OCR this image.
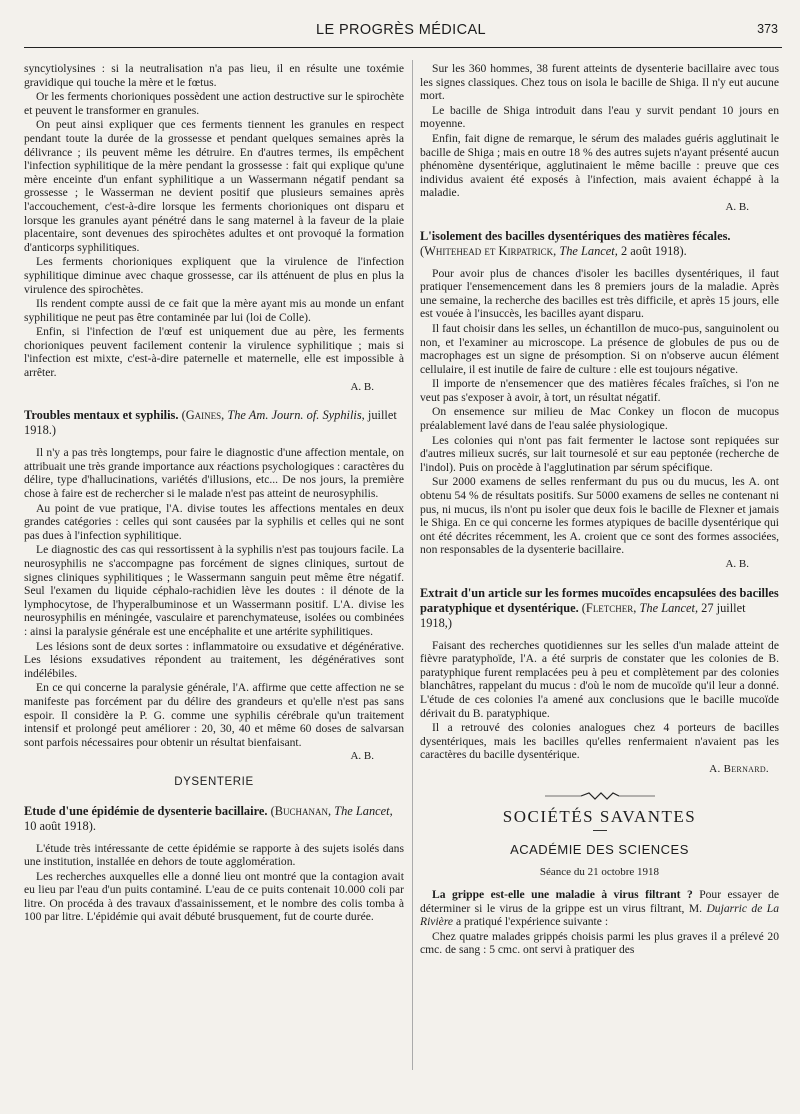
LE PROGRÈS MÉDICAL	373

syncytiolysines : si la neutralisation n'a pas lieu, il en résulte une toxémie gravidique qui touche la mère et le fœtus.

Or les ferments chorioniques possèdent une action destructive sur le spirochète et peuvent le transformer en granules.

On peut ainsi expliquer que ces ferments tiennent les granules en respect pendant toute la durée de la grossesse et pendant quelques semaines après la délivrance ; ils peuvent même les détruire. En d'autres termes, ils empêchent l'infection syphilitique de la mère pendant la grossesse : fait qui explique qu'une mère enceinte d'un enfant syphilitique a un Wassermann négatif pendant sa grossesse ; le Wasserman ne devient positif que plusieurs semaines après l'accouchement, c'est-à-dire lorsque les ferments chorioniques ont disparu et lorsque les granules ayant pénétré dans le sang maternel à la faveur de la plaie placentaire, sont devenues des spirochètes adultes et ont provoqué la formation d'anticorps syphilitiques.

Les ferments chorioniques expliquent que la virulence de l'infection syphilitique diminue avec chaque grossesse, car ils atténuent de plus en plus la virulence des spirochètes.

Ils rendent compte aussi de ce fait que la mère ayant mis au monde un enfant syphilitique ne peut pas être contaminée par lui (loi de Colle).

Enfin, si l'infection de l'œuf est uniquement due au père, les ferments chorioniques peuvent facilement contenir la virulence syphilitique ; mais si l'infection est mixte, c'est-à-dire paternelle et maternelle, elle est impossible à arrêter.

A. B.
Troubles mentaux et syphilis. (Gaines, The Am. Journ. of. Syphilis, juillet 1918.)

Il n'y a pas très longtemps, pour faire le diagnostic d'une affection mentale, on attribuait une très grande importance aux réactions psychologiques : caractères du délire, type d'hallucinations, variétés d'illusions, etc... De nos jours, la première chose à faire est de rechercher si le malade n'est pas atteint de neurosyphilis.

Au point de vue pratique, l'A. divise toutes les affections mentales en deux grandes catégories : celles qui sont causées par la syphilis et celles qui ne sont pas dues à l'infection syphilitique.

Le diagnostic des cas qui ressortissent à la syphilis n'est pas toujours facile. La neurosyphilis ne s'accompagne pas forcément de signes cliniques, surtout de signes cliniques syphilitiques ; le Wassermann sanguin peut même être négatif. Seul l'examen du liquide céphalo-rachidien lève les doutes : il dénote de la lymphocytose, de l'hyperalbuminose et un Wassermann positif. L'A. divise les neurosyphilis en méningée, vasculaire et parenchymateuse, isolées ou combinées : ainsi la paralysie générale est une encéphalite et une artérite syphilitiques.

Les lésions sont de deux sortes : inflammatoire ou exsudative et dégénérative. Les lésions exsudatives répondent au traitement, les dégénératives sont indélébiles.

En ce qui concerne la paralysie générale, l'A. affirme que cette affection ne se manifeste pas forcément par du délire des grandeurs et qu'elle n'est pas sans espoir. Il considère la P. G. comme une syphilis cérébrale qu'un traitement intensif et prolongé peut améliorer : 20, 30, 40 et même 60 doses de salvarsan sont parfois nécessaires pour obtenir un résultat bienfaisant.

A. B.
DYSENTERIE
Etude d'une épidémie de dysenterie bacillaire. (Buchanan, The Lancet, 10 août 1918).

L'étude très intéressante de cette épidémie se rapporte à des sujets isolés dans une institution, installée en dehors de toute agglomération.

Les recherches auxquelles elle a donné lieu ont montré que la contagion avait eu lieu par l'eau d'un puits contaminé. L'eau de ce puits contenait 10.000 coli par litre. On procéda à des travaux d'assainissement, et le nombre des colis tomba à 100 par litre. L'épidémie qui avait débuté brusquement, fut de courte durée.

Sur les 360 hommes, 38 furent atteints de dysenterie bacillaire avec tous les signes classiques. Chez tous on isola le bacille de Shiga. Il n'y eut aucune mort.

Le bacille de Shiga introduit dans l'eau y survit pendant 10 jours en moyenne.

Enfin, fait digne de remarque, le sérum des malades guéris agglutinait le bacille de Shiga ; mais en outre 18 % des autres sujets n'ayant présenté aucun phénomène dysentérique, agglutinaient le même bacille : preuve que ces individus avaient été exposés à l'infection, mais avaient échappé à la maladie.

A. B.
L'isolement des bacilles dysentériques des matières fécales. (Whitehead et Kirpatrick, The Lancet, 2 août 1918).

Pour avoir plus de chances d'isoler les bacilles dysentériques, il faut pratiquer l'ensemencement dans les 8 premiers jours de la maladie. Après une semaine, la recherche des bacilles est très difficile, et après 15 jours, elle est vouée à l'insuccès, les bacilles ayant disparu.

Il faut choisir dans les selles, un échantillon de muco-pus, sanguinolent ou non, et l'examiner au microscope. La présence de globules de pus ou de macrophages est un signe de présomption. Si on n'observe aucun élément cellulaire, il est inutile de faire de culture : elle est toujours négative.

Il importe de n'ensemencer que des matières fécales fraîches, si l'on ne veut pas s'exposer à avoir, à tort, un résultat négatif.

On ensemence sur milieu de Mac Conkey un flocon de mucopus préalablement lavé dans de l'eau salée physiologique.

Les colonies qui n'ont pas fait fermenter le lactose sont repiquées sur d'autres milieux sucrés, sur lait tournesolé et sur eau peptonée (recherche de l'indol). Puis on procède à l'agglutination par sérum spécifique.

Sur 2000 examens de selles renfermant du pus ou du mucus, les A. ont obtenu 54 % de résultats positifs. Sur 5000 examens de selles ne contenant ni pus, ni mucus, ils n'ont pu isoler que deux fois le bacille de Flexner et jamais le Shiga. En ce qui concerne les formes atypiques de bacille dysentérique qui ont été décrites récemment, les A. croient que ce sont des formes associées, non responsables de la dysenterie bacillaire.

A. B.
Extrait d'un article sur les formes mucoïdes encapsulées des bacilles paratyphique et dysentérique. (Fletcher, The Lancet, 27 juillet 1918,)

Faisant des recherches quotidiennes sur les selles d'un malade atteint de fièvre paratyphoïde, l'A. a été surpris de constater que les colonies de B. paratyphique furent remplacées peu à peu et complètement par des colonies blanchâtres, rappelant du mucus : d'où le nom de mucoïde qu'il leur a donné. L'étude de ces colonies l'a amené aux conclusions que le bacille mucoïde dérivait du B. paratyphique.

Il a retrouvé des colonies analogues chez 4 porteurs de bacilles dysentériques, mais les bacilles qu'elles renfermaient n'avaient pas les caractères du bacille dysentérique.

A. Bernard.
SOCIÉTÉS SAVANTES
ACADÉMIE DES SCIENCES
Séance du 21 octobre 1918

La grippe est-elle une maladie à virus filtrant ? Pour essayer de déterminer si le virus de la grippe est un virus filtrant, M. Dujarric de La Rivière a pratiqué l'expérience suivante :

Chez quatre malades grippés choisis parmi les plus graves il a prélevé 20 cmc. de sang : 5 cmc. ont servi à pratiquer des
